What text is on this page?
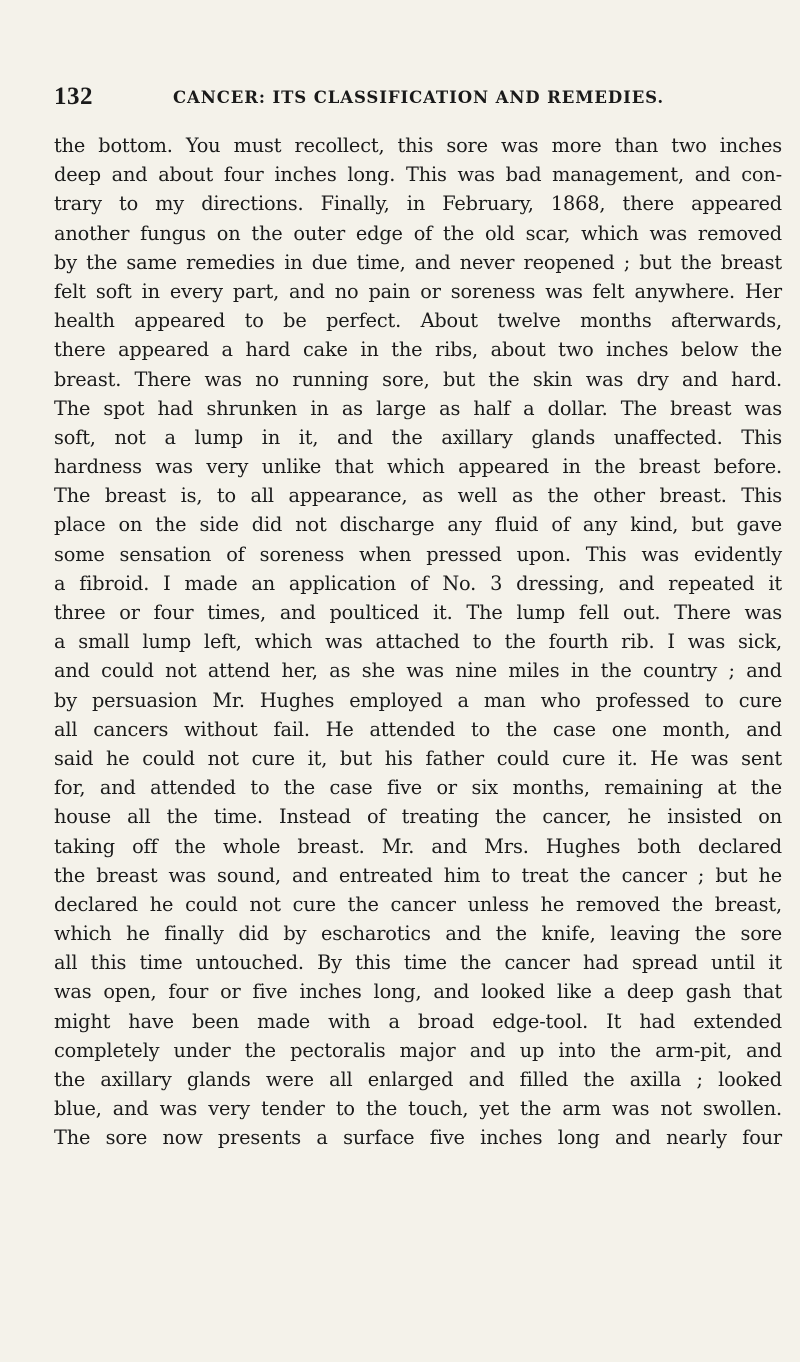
132	CANCER: ITS CLASSIFICATION AND REMEDIES.
the bottom. You must recollect, this sore was more than two inches
deep and about four inches long. This was bad management, and con-
trary to my directions. Finally, in February, 1868, there appeared
another fungus on the outer edge of the old scar, which was removed
by the same remedies in due time, and never reopened ; but the breast
felt soft in every part, and no pain or soreness was felt anywhere. Her
health appeared to be perfect. About twelve months afterwards,
there appeared a hard cake in the ribs, about two inches below the
breast. There was no running sore, but the skin was dry and hard.
The spot had shrunken in as large as half a dollar. The breast was
soft, not a lump in it, and the axillary glands unaffected. This
hardness was very unlike that which appeared in the breast before.
The breast is, to all appearance, as well as the other breast. This
place on the side did not discharge any fluid of any kind, but gave
some sensation of soreness when pressed upon. This was evidently
a fibroid. I made an application of No. 3 dressing, and repeated it
three or four times, and poulticed it. The lump fell out. There was
a small lump left, which was attached to the fourth rib. I was sick,
and could not attend her, as she was nine miles in the country ; and
by persuasion Mr. Hughes employed a man who professed to cure
all cancers without fail. He attended to the case one month, and
said he could not cure it, but his father could cure it. He was sent
for, and attended to the case five or six months, remaining at the
house all the time. Instead of treating the cancer, he insisted on
taking off the whole breast. Mr. and Mrs. Hughes both declared
the breast was sound, and entreated him to treat the cancer ; but he
declared he could not cure the cancer unless he removed the breast,
which he finally did by escharotics and the knife, leaving the sore
all this time untouched. By this time the cancer had spread until it
was open, four or five inches long, and looked like a deep gash that
might have been made with a broad edge-tool. It had extended
completely under the pectoralis major and up into the arm-pit, and
the axillary glands were all enlarged and filled the axilla ; looked
blue, and was very tender to the touch, yet the arm was not swollen.
The sore now presents a surface five inches long and nearly four
